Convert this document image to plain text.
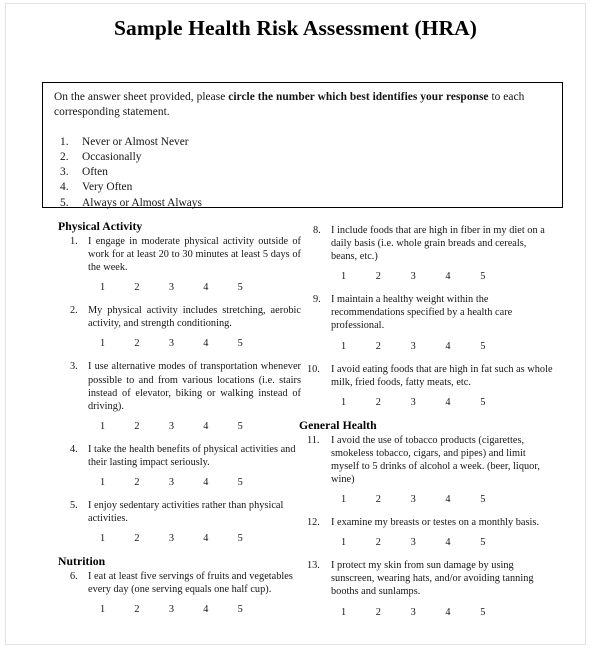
Sample Health Risk Assessment (HRA)

On the answer sheet provided, please circle the number which best identifies your response to each corresponding statement.

1.	Never or Almost Never
2.	Occasionally
3.	Often
4.	Very Often
5.	Always or Almost Always
Physical Activity
1. I engage in moderate physical activity outside of work for at least 20 to 30 minutes at least 5 days of the week.

1	2	3	4	5
2. My physical activity includes stretching, aerobic activity, and strength conditioning.

1	2	3	4	5
3. I use alternative modes of transportation whenever possible to and from various locations (i.e. stairs instead of elevator, biking or walking instead of driving).

1	2	3	4	5
4. I take the health benefits of physical activities and their lasting impact seriously.

1	2	3	4	5
5. I enjoy sedentary activities rather than physical activities.

1	2	3	4	5
Nutrition
6. I eat at least five servings of fruits and vegetables every day (one serving equals one half cup).

1	2	3	4	5
8. I include foods that are high in fiber in my diet on a daily basis (i.e. whole grain breads and cereals, beans, etc.)

1	2	3	4	5
9. I maintain a healthy weight within the recommendations specified by a health care professional.

1	2	3	4	5
10.	I avoid eating foods that are high in fat such as whole milk, fried foods, fatty meats, etc.

1	2	3	4	5
General Health
11.	I avoid the use of tobacco products (cigarettes, smokeless tobacco, cigars, and pipes) and limit myself to 5 drinks of alcohol a week. (beer, liquor, wine)

1	2	3	4	5
12.	I examine my breasts or testes on a monthly basis.

1	2	3	4	5
13.	I protect my skin from sun damage by using sunscreen, wearing hats, and/or avoiding tanning booths and sunlamps.

1	2	3	4	5
